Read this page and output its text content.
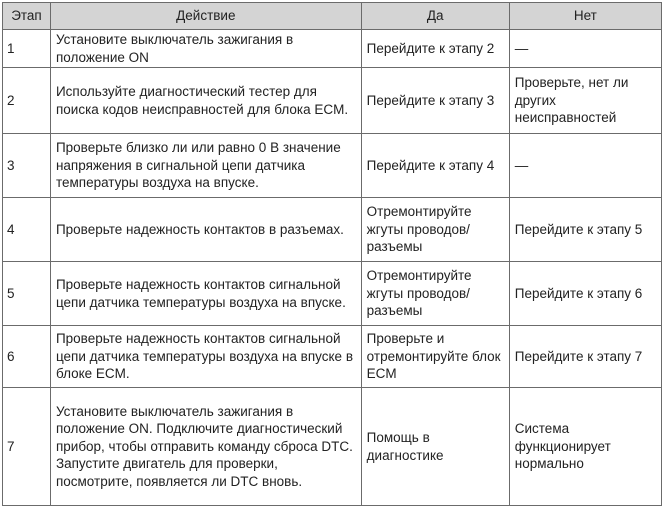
Этап	Действие	Да	Нет
1	Установите выключатель зажигания в положение ON	Перейдите к этапу 2	—
2	Используйте диагностический тестер для поиска кодов неисправностей для блока ECM.	Перейдите к этапу 3	Проверьте, нет ли других неисправностей
3	Проверьте близко ли или равно 0 В значение напряжения в сигнальной цепи датчика температуры воздуха на впуске.	Перейдите к этапу 4	—
4	Проверьте надежность контактов в разъемах.	Отремонтируйте жгуты проводов/разъемы	Перейдите к этапу 5
5	Проверьте надежность контактов сигнальной цепи датчика температуры воздуха на впуске.	Отремонтируйте жгуты проводов/разъемы	Перейдите к этапу 6
6	Проверьте надежность контактов сигнальной цепи датчика температуры воздуха на впуске в блоке ECM.	Проверьте и отремонтируйте блок ECM	Перейдите к этапу 7
7	Установите выключатель зажигания в положение ON. Подключите диагностический прибор, чтобы отправить команду сброса DTC. Запустите двигатель для проверки, посмотрите, появляется ли DTC вновь.	Помощь в диагностике	Система функционирует нормально
